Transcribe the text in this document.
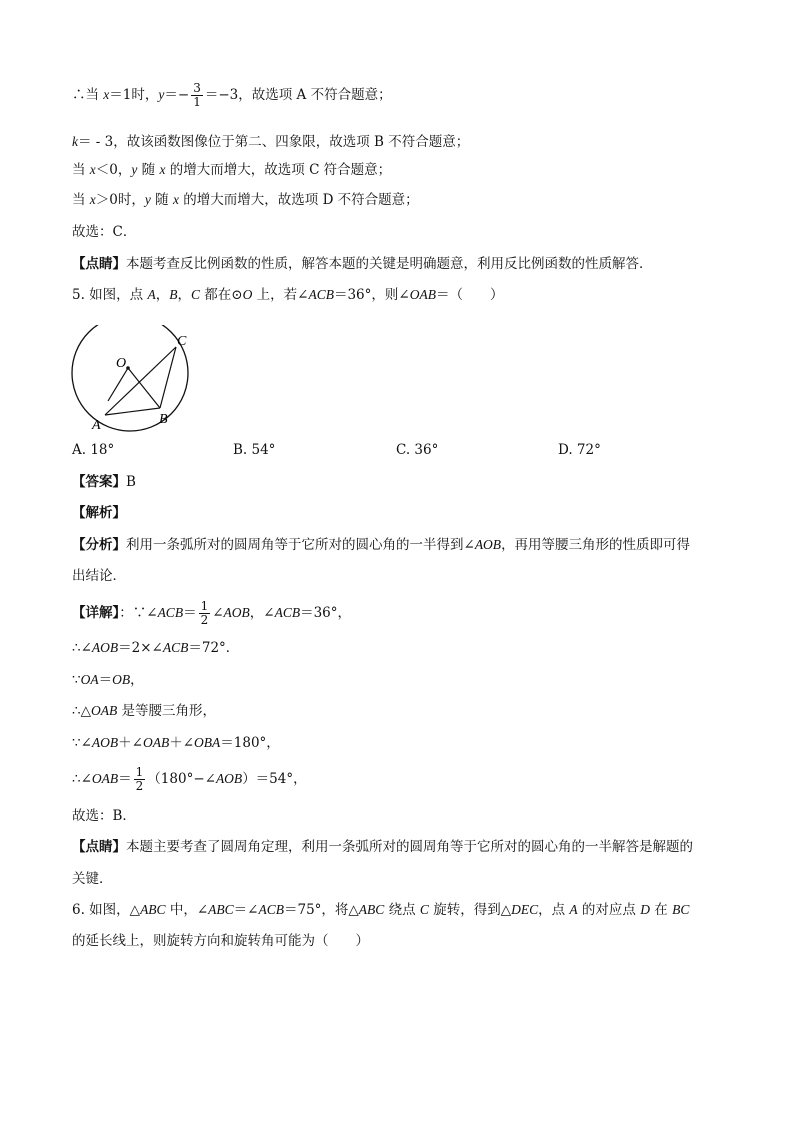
∴当 x＝1时，$y=- \frac{3}{1} =-3$，故选项 A 不符合题意；
k＝ - 3，故该函数图像位于第二、四象限，故选项 B 不符合题意；
当 x＜0，y 随 x 的增大而增大，故选项 C 符合题意；
当 x＞0时，y 随 x 的增大而增大，故选项 D 不符合题意；
故选：C．
【点睛】本题考查反比例函数的性质，解答本题的关键是明确题意，利用反比例函数的性质解答．
5. 如图，点 A，B，C 都在⊙O 上，若∠ACB＝36°，则∠OAB＝（　　）
O
C
A	B
A. 18°	B. 54°	C. 36°	D. 72°
【答案】B
【解析】
【分析】利用一条弧所对的圆周角等于它所对的圆心角的一半得到∠AOB，再用等腰三角形的性质即可得
出结论．
【详解】：∵∠ACB＝ $\frac{1}{2}$ ∠AOB，∠ACB＝36°，
∴∠AOB＝2×∠ACB＝72°．
∵OA＝OB，
∴△OAB 是等腰三角形，
∵∠AOB＋∠OAB＋∠OBA＝180°，
∴∠OAB＝ $\frac{1}{2}$ （180°−∠AOB）＝54°，
故选：B．
【点睛】本题主要考查了圆周角定理，利用一条弧所对的圆周角等于它所对的圆心角的一半解答是解题的
关键．
6. 如图，△ABC 中，∠ABC＝∠ACB＝75°，将△ABC 绕点 C 旋转，得到△DEC，点 A 的对应点 D 在 BC
的延长线上，则旋转方向和旋转角可能为（　　）
